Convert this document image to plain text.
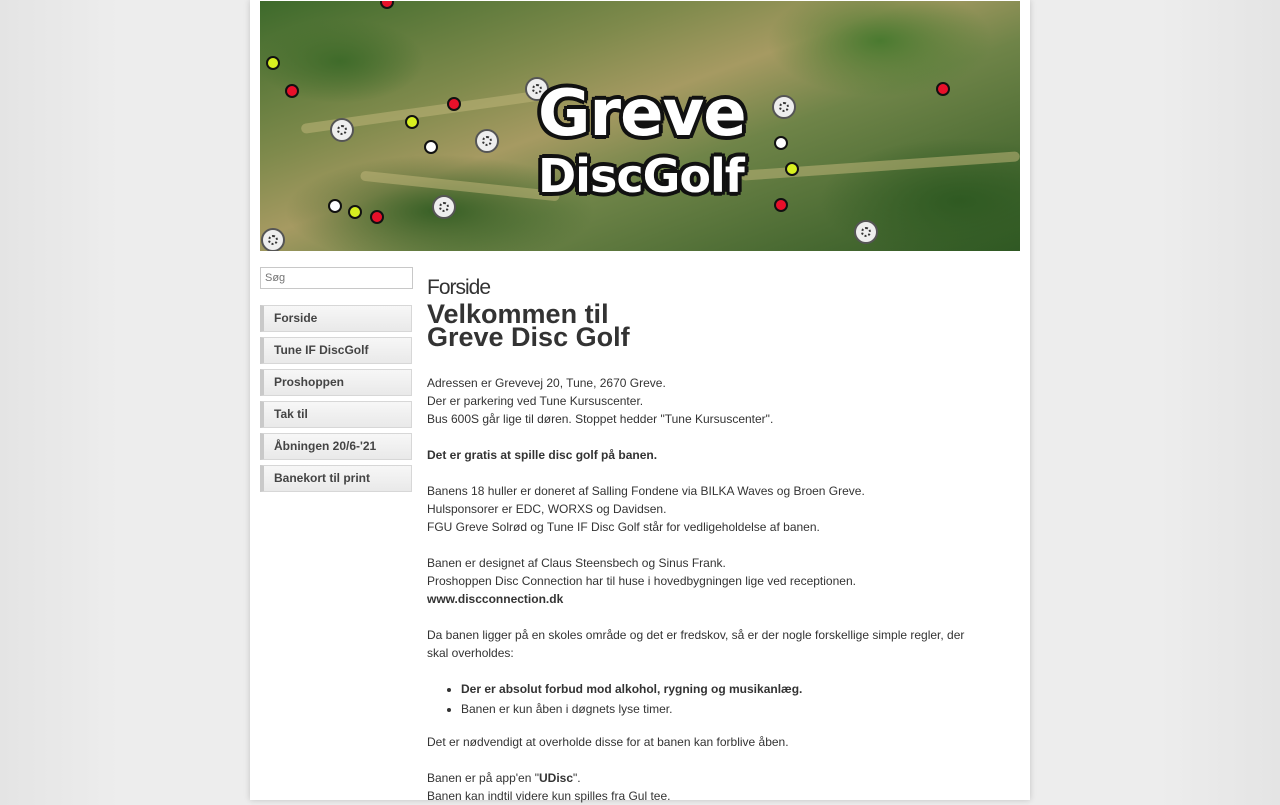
Greve
DiscGolf
Søg
Forside
Tune IF DiscGolf
Proshoppen
Tak til
Åbningen 20/6-'21
Banekort til print
Forside
Velkommen til
Greve Disc Golf

Adressen er Grevevej 20, Tune, 2670 Greve.
Der er parkering ved Tune Kursuscenter.
Bus 600S går lige til døren. Stoppet hedder "Tune Kursuscenter".

Det er gratis at spille disc golf på banen.

Banens 18 huller er doneret af Salling Fondene via BILKA Waves og Broen Greve.
Hulsponsorer er EDC, WORXS og Davidsen.
FGU Greve Solrød og Tune IF Disc Golf står for vedligeholdelse af banen.

Banen er designet af Claus Steensbech og Sinus Frank.
Proshoppen Disc Connection har til huse i hovedbygningen lige ved receptionen.
www.discconnection.dk

Da banen ligger på en skoles område og det er fredskov, så er der nogle forskellige simple regler, der skal overholdes:

• Der er absolut forbud mod alkohol, rygning og musikanlæg.
• Banen er kun åben i døgnets lyse timer.

Det er nødvendigt at overholde disse for at banen kan forblive åben.

Banen er på app'en "UDisc".
Banen kan indtil videre kun spilles fra Gul tee.
